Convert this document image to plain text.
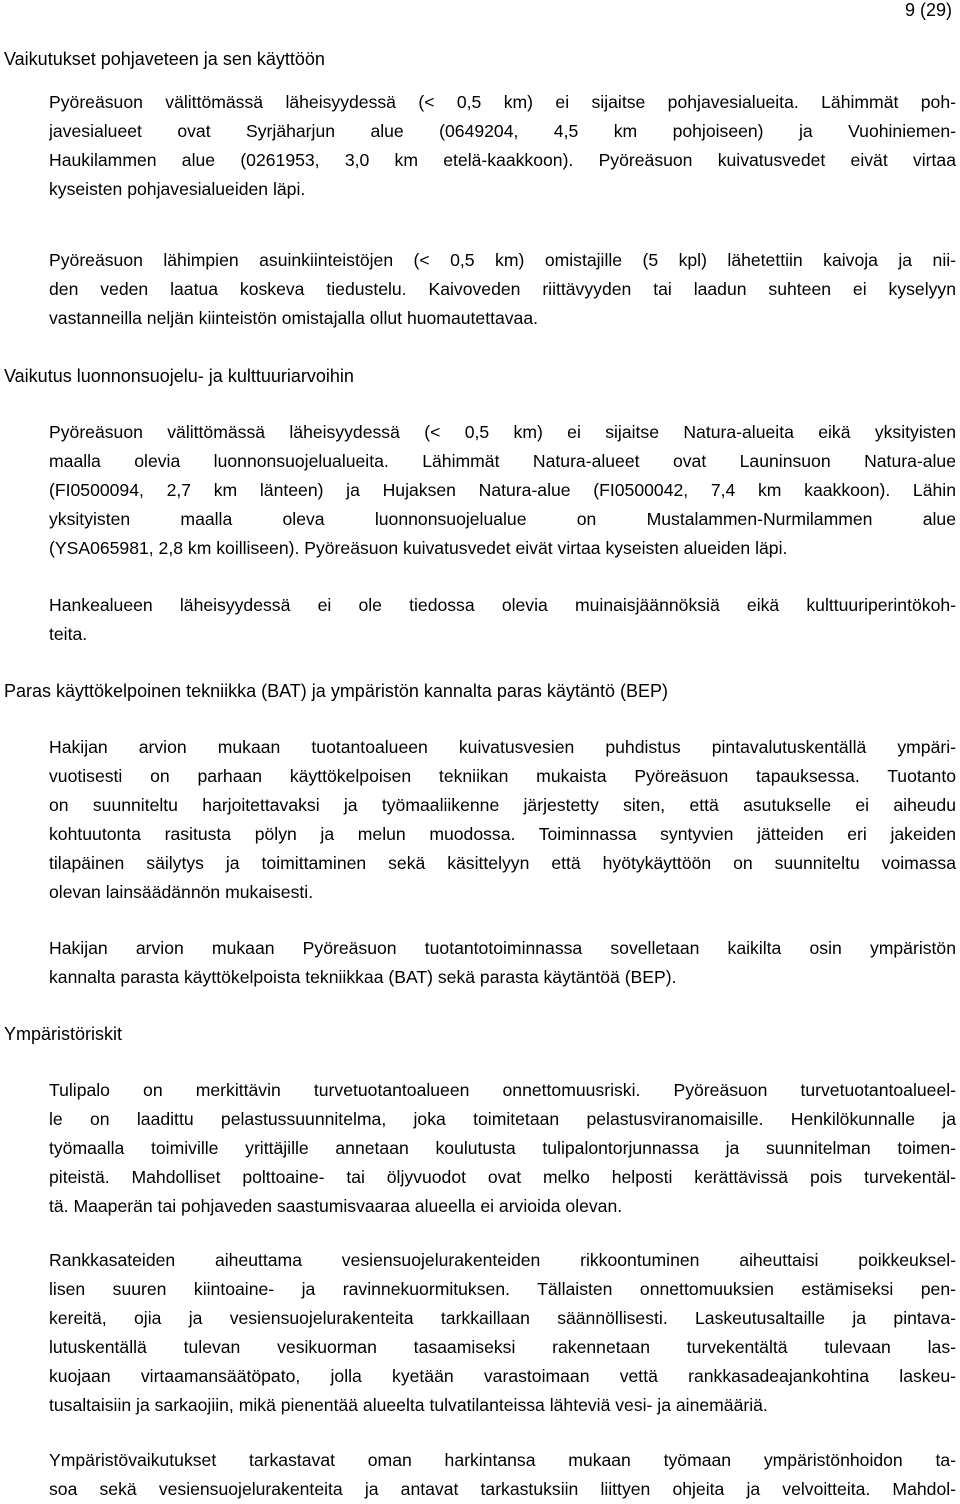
9 (29)
Vaikutukset pohjaveteen ja sen käyttöön
Pyöreäsuon välittömässä läheisyydessä (< 0,5 km) ei sijaitse pohjavesialueita. Lähimmät poh-
javesialueet ovat Syrjäharjun alue (0649204, 4,5 km pohjoiseen) ja Vuohiniemen-
Haukilammen alue (0261953, 3,0 km etelä-kaakkoon). Pyöreäsuon kuivatusvedet eivät virtaa
kyseisten pohjavesialueiden läpi.
Pyöreäsuon lähimpien asuinkiinteistöjen (< 0,5 km) omistajille (5 kpl) lähetettiin kaivoja ja nii-
den veden laatua koskeva tiedustelu. Kaivoveden riittävyyden tai laadun suhteen ei kyselyyn
vastanneilla neljän kiinteistön omistajalla ollut huomautettavaa.
Vaikutus luonnonsuojelu- ja kulttuuriarvoihin
Pyöreäsuon välittömässä läheisyydessä (< 0,5 km) ei sijaitse Natura-alueita eikä yksityisten
maalla olevia luonnonsuojelualueita. Lähimmät Natura-alueet ovat Launinsuon Natura-alue
(FI0500094, 2,7 km länteen) ja Hujaksen Natura-alue (FI0500042, 7,4 km kaakkoon). Lähin
yksityisten maalla oleva luonnonsuojelualue on Mustalammen-Nurmilammen alue
(YSA065981, 2,8 km koilliseen). Pyöreäsuon kuivatusvedet eivät virtaa kyseisten alueiden läpi.
Hankealueen läheisyydessä ei ole tiedossa olevia muinaisjäännöksiä eikä kulttuuriperintökoh-
teita.
Paras käyttökelpoinen tekniikka (BAT) ja ympäristön kannalta paras käytäntö (BEP)
Hakijan arvion mukaan tuotantoalueen kuivatusvesien puhdistus pintavalutuskentällä ympäri-
vuotisesti on parhaan käyttökelpoisen tekniikan mukaista Pyöreäsuon tapauksessa. Tuotanto
on suunniteltu harjoitettavaksi ja työmaaliikenne järjestetty siten, että asutukselle ei aiheudu
kohtuutonta rasitusta pölyn ja melun muodossa. Toiminnassa syntyvien jätteiden eri jakeiden
tilapäinen säilytys ja toimittaminen sekä käsittelyyn että hyötykäyttöön on suunniteltu voimassa
olevan lainsäädännön mukaisesti.
Hakijan arvion mukaan Pyöreäsuon tuotantotoiminnassa sovelletaan kaikilta osin ympäristön
kannalta parasta käyttökelpoista tekniikkaa (BAT) sekä parasta käytäntöä (BEP).
Ympäristöriskit
Tulipalo on merkittävin turvetuotantoalueen onnettomuusriski. Pyöreäsuon turvetuotantoalueel-
le on laadittu pelastussuunnitelma, joka toimitetaan pelastusviranomaisille. Henkilökunnalle ja
työmaalla toimiville yrittäjille annetaan koulutusta tulipalontorjunnassa ja suunnitelman toimen-
piteistä. Mahdolliset polttoaine- tai öljyvuodot ovat melko helposti kerättävissä pois turvekentäl-
tä. Maaperän tai pohjaveden saastumisvaaraa alueella ei arvioida olevan.
Rankkasateiden aiheuttama vesiensuojelurakenteiden rikkoontuminen aiheuttaisi poikkeuksel-
lisen suuren kiintoaine- ja ravinnekuormituksen. Tällaisten onnettomuuksien estämiseksi pen-
kereitä, ojia ja vesiensuojelurakenteita tarkkaillaan säännöllisesti. Laskeutusaltaille ja pintava-
lutuskentällä tulevan vesikuorman tasaamiseksi rakennetaan turvekentältä tulevaan las-
kuojaan virtaamansäätöpato, jolla kyetään varastoimaan vettä rankkasadeajankohtina laskeu-
tusaltaisiin ja sarkaojiin, mikä pienentää alueelta tulvatilanteissa lähteviä vesi- ja ainemääriä.
Ympäristövaikutukset tarkastavat oman harkintansa mukaan työmaan ympäristönhoidon ta-
soa sekä vesiensuojelurakenteita ja antavat tarkastuksiin liittyen ohjeita ja velvoitteita. Mahdol-
